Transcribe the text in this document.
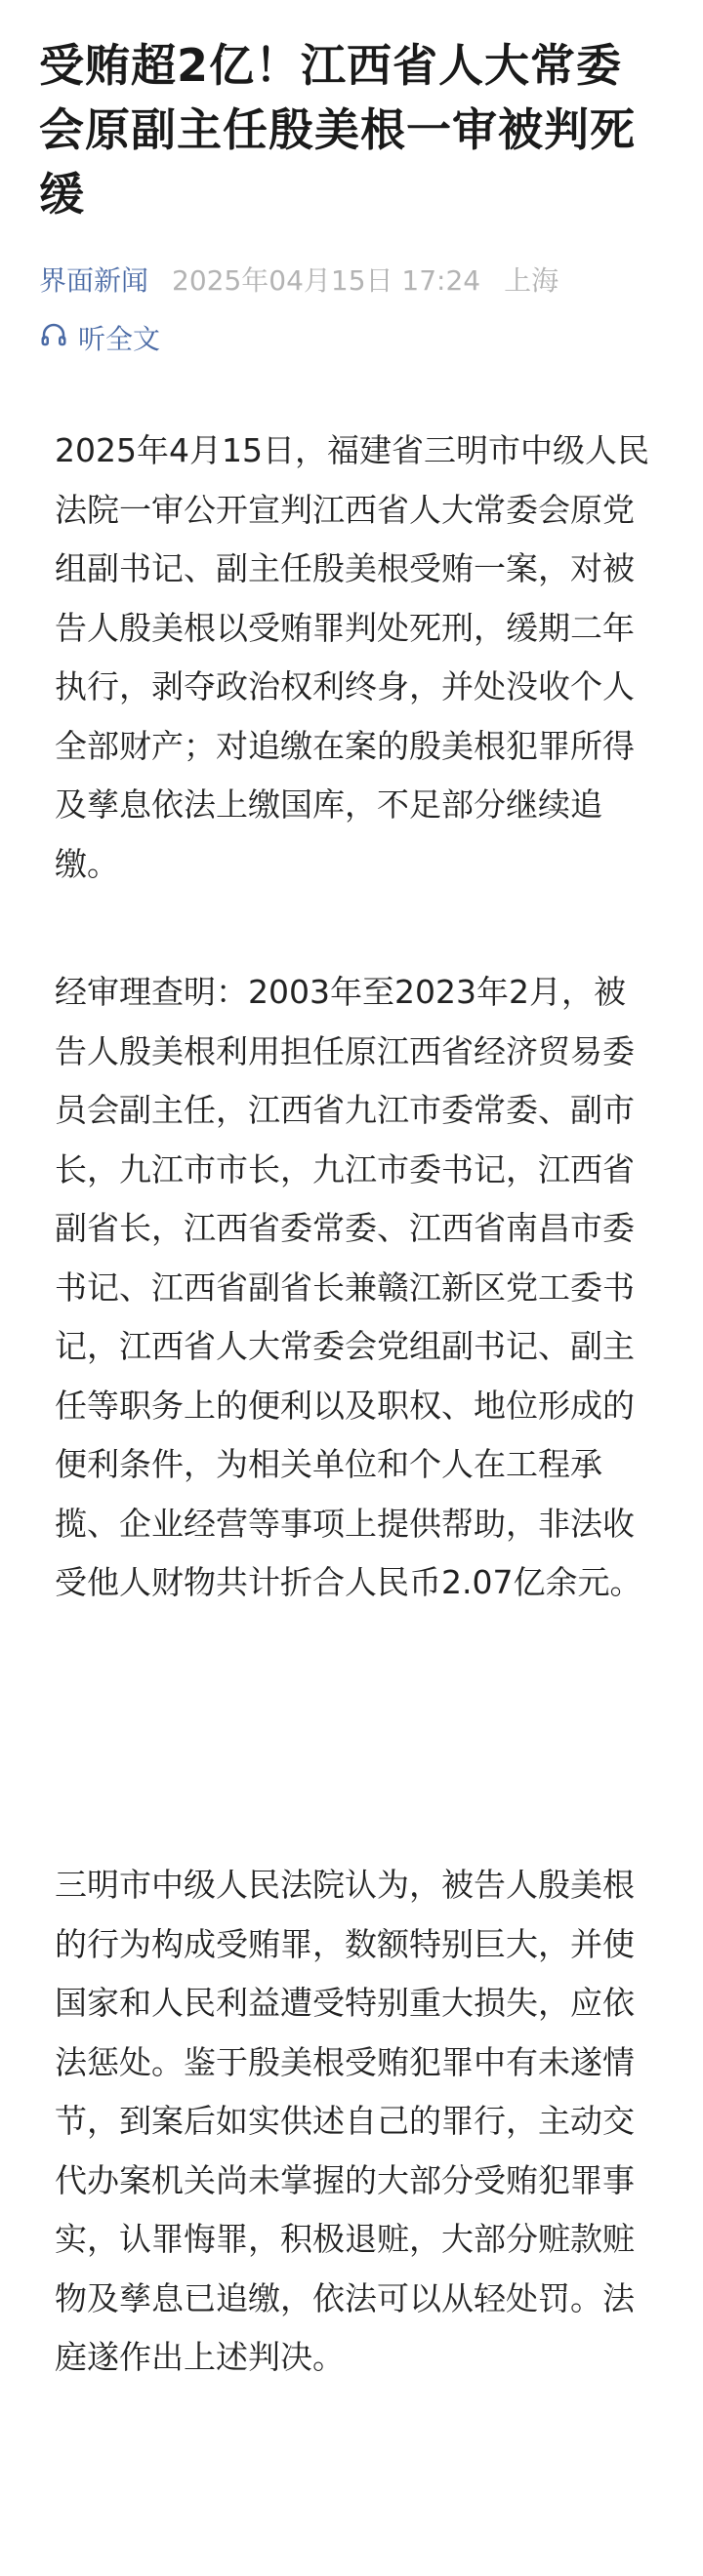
受贿超2亿！江西省人大常委会原副主任殷美根一审被判死缓
界面新闻 2025年04月15日 17:24 上海
听全文

2025年4月15日，福建省三明市中级人民法院一审公开宣判江西省人大常委会原党组副书记、副主任殷美根受贿一案，对被告人殷美根以受贿罪判处死刑，缓期二年执行，剥夺政治权利终身，并处没收个人全部财产；对追缴在案的殷美根犯罪所得及孳息依法上缴国库，不足部分继续追缴。

经审理查明：2003年至2023年2月，被告人殷美根利用担任原江西省经济贸易委员会副主任，江西省九江市委常委、副市长，九江市市长，九江市委书记，江西省副省长，江西省委常委、江西省南昌市委书记、江西省副省长兼赣江新区党工委书记，江西省人大常委会党组副书记、副主任等职务上的便利以及职权、地位形成的便利条件，为相关单位和个人在工程承揽、企业经营等事项上提供帮助，非法收受他人财物共计折合人民币2.07亿余元。

三明市中级人民法院认为，被告人殷美根的行为构成受贿罪，数额特别巨大，并使国家和人民利益遭受特别重大损失，应依法惩处。鉴于殷美根受贿犯罪中有未遂情节，到案后如实供述自己的罪行，主动交代办案机关尚未掌握的大部分受贿犯罪事实，认罪悔罪，积极退赃，大部分赃款赃物及孳息已追缴，依法可以从轻处罚。法庭遂作出上述判决。
